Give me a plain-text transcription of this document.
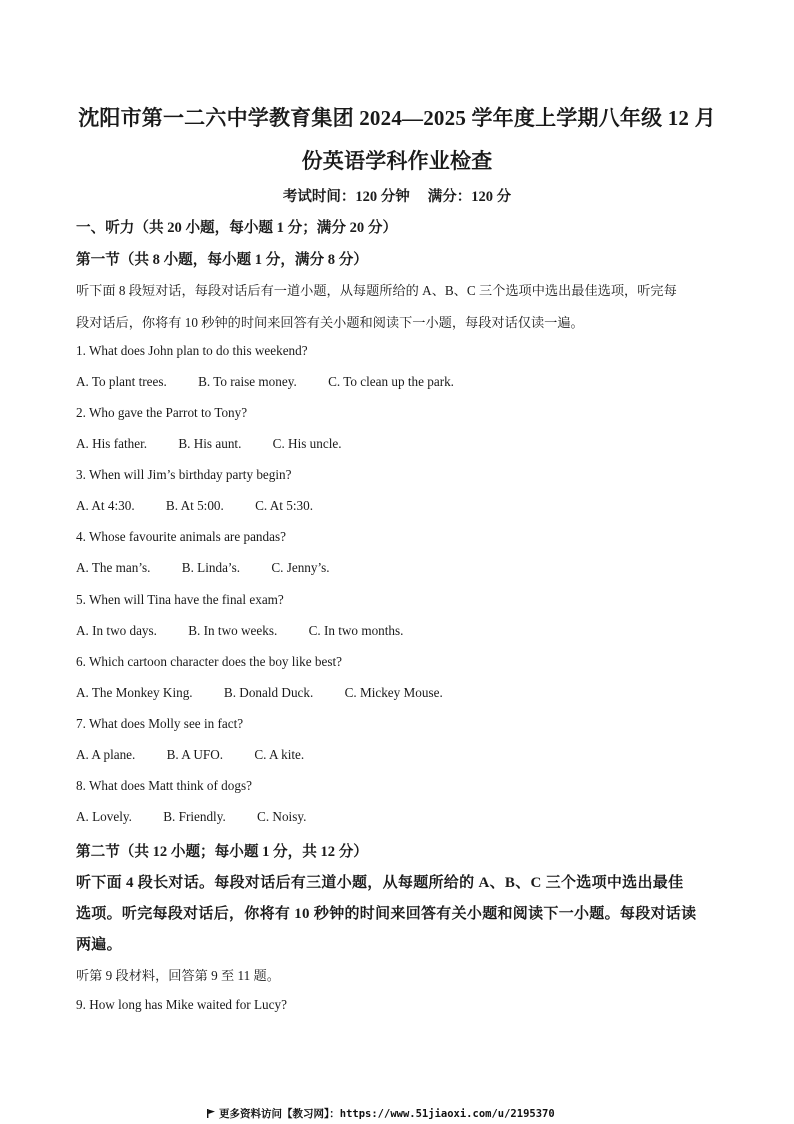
沈阳市第一二六中学教育集团 2024—2025 学年度上学期八年级 12 月
份英语学科作业检查
考试时间：120 分钟 满分：120 分
一、听力（共 20 小题，每小题 1 分；满分 20 分）
第一节（共 8 小题，每小题 1 分，满分 8 分）
听下面 8 段短对话，每段对话后有一道小题，从每题所给的 A、B、C 三个选项中选出最佳选项，听完每
段对话后，你将有 10 秒钟的时间来回答有关小题和阅读下一小题，每段对话仅读一遍。
1. What does John plan to do this weekend?
A. To plant trees. B. To raise money. C. To clean up the park.
2. Who gave the Parrot to Tony?
A. His father. B. His aunt. C. His uncle.
3. When will Jim’s birthday party begin?
A. At 4:30. B. At 5:00. C. At 5:30.
4. Whose favourite animals are pandas?
A. The man’s. B. Linda’s. C. Jenny’s.
5. When will Tina have the final exam?
A. In two days. B. In two weeks. C. In two months.
6. Which cartoon character does the boy like best?
A. The Monkey King. B. Donald Duck. C. Mickey Mouse.
7. What does Molly see in fact?
A. A plane. B. A UFO. C. A kite.
8. What does Matt think of dogs?
A. Lovely. B. Friendly. C. Noisy.
第二节（共 12 小题；每小题 1 分，共 12 分）
听下面 4 段长对话。每段对话后有三道小题，从每题所给的 A、B、C 三个选项中选出最佳
选项。听完每段对话后，你将有 10 秒钟的时间来回答有关小题和阅读下一小题。每段对话读
两遍。
听第 9 段材料，回答第 9 至 11 题。
9. How long has Mike waited for Lucy?
更多资料访问【教习网】：https://www.51jiaoxi.com/u/2195370
